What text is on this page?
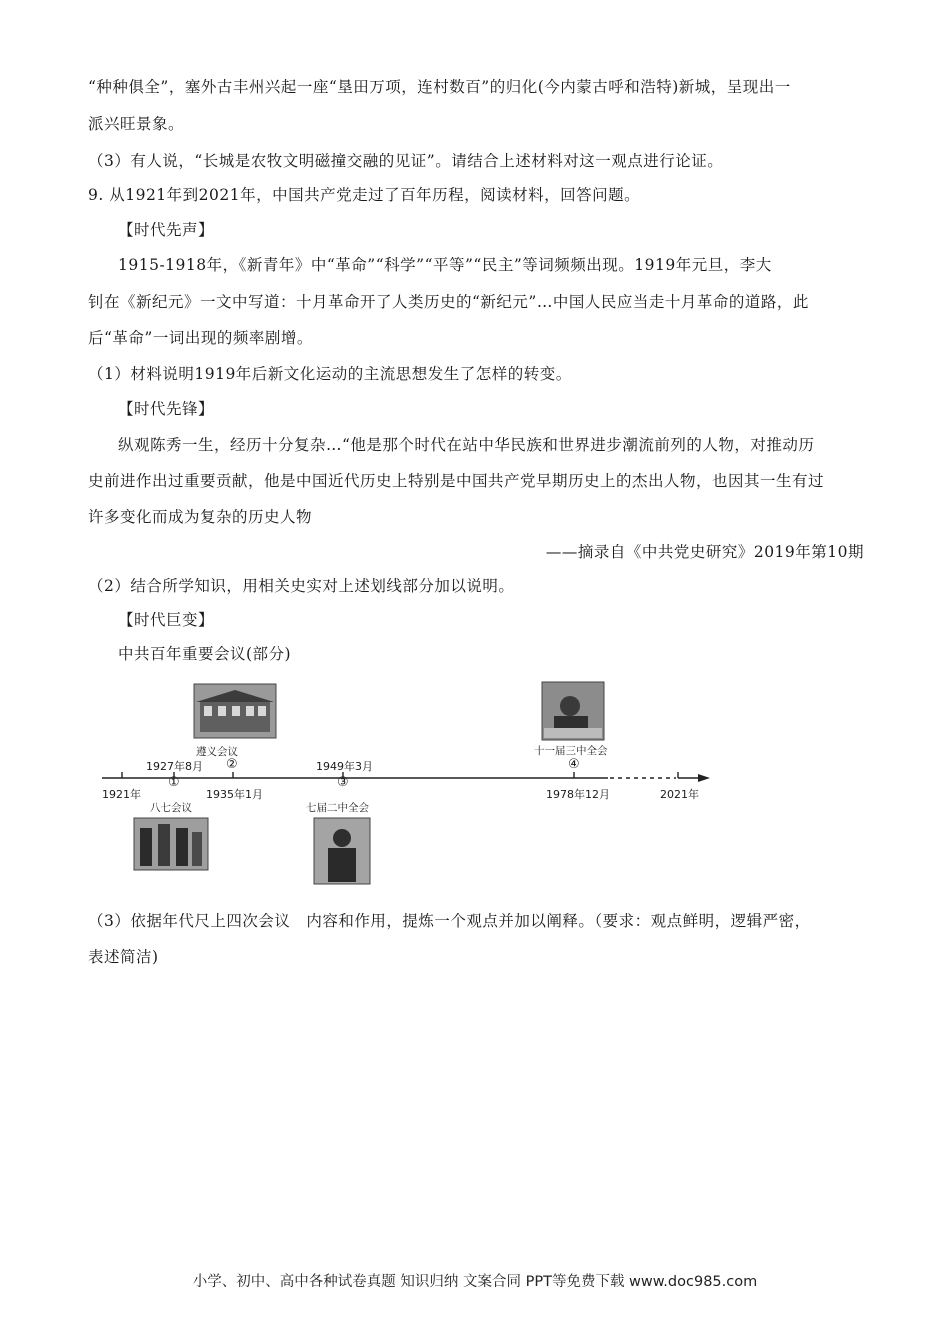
“种种俱全”，塞外古丰州兴起一座“垦田万项，连村数百”的归化(今内蒙古呼和浩特)新城，呈现出一
派兴旺景象。
（3）有人说，“长城是农牧文明磁撞交融的见证”。请结合上述材料对这一观点进行论证。
9. 从1921年到2021年，中国共产党走过了百年历程，阅读材料，回答问题。
【时代先声】
1915-1918年，《新青年》中“革命”“科学”“平等”“民主”等词频频出现。1919年元旦，李大
钊在《新纪元》一文中写道：十月革命开了人类历史的“新纪元”…中国人民应当走十月革命的道路，此
后“革命”一词出现的频率剧增。
（1）材料说明1919年后新文化运动的主流思想发生了怎样的转变。
【时代先锋】
纵观陈秀一生，经历十分复杂…“他是那个时代在站中华民族和世界进步潮流前列的人物，对推动历
史前进作出过重要贡献，他是中国近代历史上特别是中国共产党早期历史上的杰出人物，也因其一生有过
许多变化而成为复杂的历史人物
——摘录自《中共党史研究》2019年第10期
（2）结合所学知识，用相关史实对上述划线部分加以说明。
【时代巨变】
中共百年重要会议(部分)
遵义会议
②
1927年8月
①
1921年	1935年1月
八七会议
1949年3月
③
七届二中全会
十一届三中全会
④
1978年12月	2021年
（3）依据年代尺上四次会议　内容和作用，提炼一个观点并加以阐释。（要求：观点鲜明，逻辑严密，
表述简洁)
小学、初中、高中各种试卷真题 知识归纳 文案合同 PPT等免费下载 www.doc985.com
